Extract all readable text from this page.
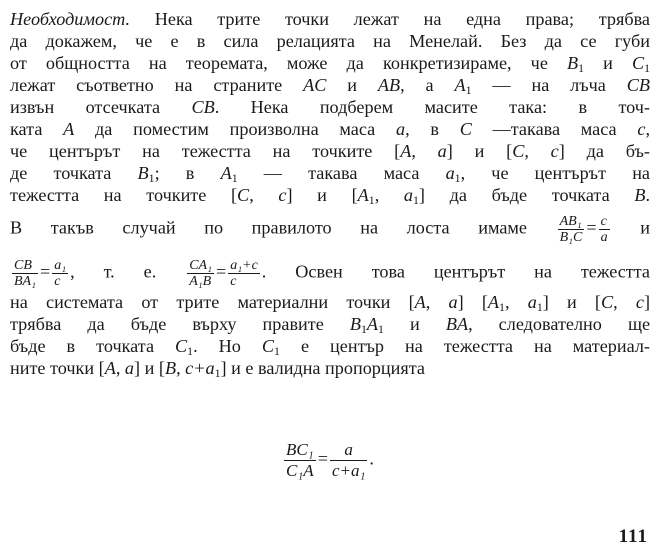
Необходимост. Нека трите точки лежат на една права; трябва
да докажем, че е в сила релацията на Менелай. Без да се губи
от общността на теоремата, може да конкретизираме, че $B_1$ и $C_1$
лежат съответно на страните AC и AB, а $A_1$ — на лъча CB
извън отсечката CB. Нека подберем масите така: в точ-
ката A да поместим произволна маса a, в C —такава маса c,
че центърът на тежестта на точките [A, a] и [C, c] да бъ-
де точката $B_1$; в $A_1$ — такава маса $a_1$, че центърът на
тежестта на точките [C, c] и [$A_1$, $a_1$] да бъде точката B.
В такъв случай по правилото на лоста имаме $\frac{\text{AB₁}}{\text{B₁C}} = \frac{c}{a}$ и
$\frac{CB}{\text{BA₁}} = \frac{\text{a₁}}{c}$ , т. е. $\frac{\text{CA₁}}{\text{A₁B}} = \frac{\text{a₁+c}}{c}$ . Освен това центърът на тежестта
на системата от трите материални точки [A, a] [$A_1$, $a_1$] и [C, c]
трябва да бъде върху правите $B_1A_1$ и BA, следователно ще
бъде в точката $C_1$. Но $C_1$ е център на тежестта на материал-
ните точки [A, a] и [B, $c+a_1$] и е валидна пропорцията
$\frac{\text{BC₁}}{\text{C₁A}} = \frac{a}{\text{c+a₁}}$ .
111
